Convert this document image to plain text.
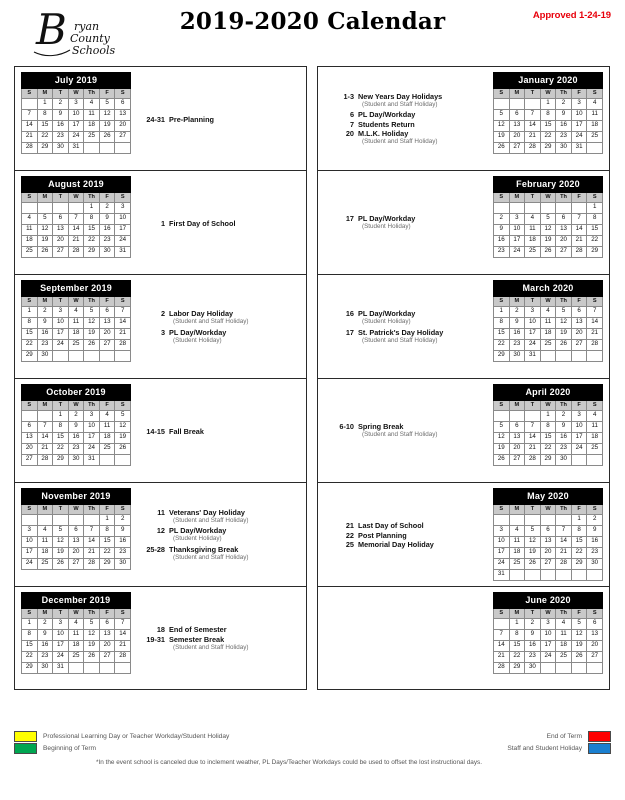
B ryan
County
Schools
2019-2020 Calendar	Approved 1-24-19
July 2019						
S	M	T	W	Th	F	S
	1	2	3	4	5	6
7	8	9	10	11	12	13
14	15	16	17	18	19	20
21	22	23	24	25	26	27
28	29	30	31			
24-31 Pre-Planning
August 2019						
S	M	T	W	Th	F	S
				1	2	3
4	5	6	7	8	9	10
11	12	13	14	15	16	17
18	19	20	21	22	23	24
25	26	27	28	29	30	31
1 First Day of School
September 2019						
S	M	T	W	Th	F	S
1	2	3	4	5	6	7
8	9	10	11	12	13	14
15	16	17	18	19	20	21
22	23	24	25	26	27	28
29	30					
2 Labor Day Holiday
(Student and Staff Holiday)
3 PL Day/Workday
(Student Holiday)
October 2019						
S	M	T	W	Th	F	S
		1	2	3	4	5
6	7	8	9	10	11	12
13	14	15	16	17	18	19
20	21	22	23	24	25	26
27	28	29	30	31		
14-15 Fall Break
November 2019						
S	M	T	W	Th	F	S
					1	2
3	4	5	6	7	8	9
10	11	12	13	14	15	16
17	18	19	20	21	22	23
24	25	26	27	28	29	30
11 Veterans' Day Holiday
(Student and Staff Holiday)
12 PL Day/Workday
(Student Holiday)
25-28 Thanksgiving Break
(Student and Staff Holiday)
December 2019						
S	M	T	W	Th	F	S
1	2	3	4	5	6	7
8	9	10	11	12	13	14
15	16	17	18	19	20	21
22	23	24	25	26	27	28
29	30	31				
18 End of Semester
19-31 Semester Break
(Student and Staff Holiday)
January 2020						
S	M	T	W	Th	F	S
			1	2	3	4
5	6	7	8	9	10	11
12	13	14	15	16	17	18
19	20	21	22	23	24	25
26	27	28	29	30	31	
1-3 New Years Day Holidays
(Student and Staff Holiday)
6 PL Day/Workday
7 Students Return
20 M.L.K. Holiday
(Student and Staff Holiday)
February 2020						
S	M	T	W	Th	F	S
						1
2	3	4	5	6	7	8
9	10	11	12	13	14	15
16	17	18	19	20	21	22
23	24	25	26	27	28	29
17 PL Day/Workday
(Student Holiday)
March 2020						
S	M	T	W	Th	F	S
1	2	3	4	5	6	7
8	9	10	11	12	13	14
15	16	17	18	19	20	21
22	23	24	25	26	27	28
29	30	31				
16 PL Day/Workday
(Student Holiday)
17 St. Patrick's Day Holiday
(Student and Staff Holiday)
April 2020						
S	M	T	W	Th	F	S
			1	2	3	4
5	6	7	8	9	10	11
12	13	14	15	16	17	18
19	20	21	22	23	24	25
26	27	28	29	30		
6-10 Spring Break
(Student and Staff Holiday)
May 2020						
S	M	T	W	Th	F	S
					1	2
3	4	5	6	7	8	9
10	11	12	13	14	15	16
17	18	19	20	21	22	23
24	25	26	27	28	29	30
31						
21 Last Day of School
22 Post Planning
25 Memorial Day Holiday
June 2020						
S	M	T	W	Th	F	S
	1	2	3	4	5	6
7	8	9	10	11	12	13
14	15	16	17	18	19	20
21	22	23	24	25	26	27
28	29	30				
Professional Learning Day or Teacher Workday/Student Holiday	End of Term
Beginning of Term	Staff and Student Holiday
*In the event school is canceled due to inclement weather, PL Days/Teacher Workdays could be used to offset the lost instructional days.
